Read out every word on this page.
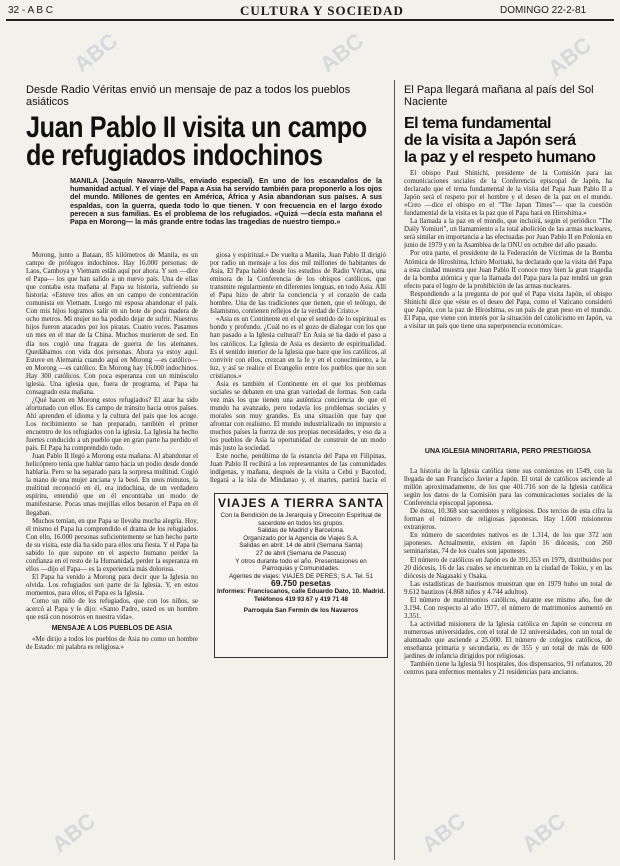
32 - A B C	CULTURA Y SOCIEDAD	DOMINGO 22-2-81
Desde Radio Véritas envió un mensaje de paz a todos los pueblos asiáticos
Juan Pablo II visita un campo
de refugiados indochinos
MANILA (Joaquín Navarro-Valls, enviado especial). En uno de los escandalos de la humanidad actual. Y el viaje del Papa a Asia ha servido también para proponerlo a los ojos del mundo. Millones de gentes en América, África y Asia abandonan sus países. A sus espaldas, con la guerra, queda todo lo que tienen. Y con frecuencia en el largo éxodo perecen a sus familias. Es el problema de los refugiados. «Quizá —decía esta mañana el Papa en Morong— la más grande entre todas las tragedias de nuestro tiempo.»

Morong, junto a Bataan, 85 kilómetros de Manila, es un campo de prófugos indochinos. Hay 16.000 personas: de Laos, Camboya y Vietnam están aquí por ahora. Y son —dice el Papa— los que han salido a un nuevo país. Una de ellas que contaba esta mañana al Papa su historia, sufriendo su historia: «Estuve tres años en un campo de concentración comunista en Vietnam. Luego mi esposa abandonar el país. Con mis hijos logramos salir en un bote de poca madera de ocho metros. Mi mujer no ha podido dejar de sufrir. Nuestros hijos fueron atacados por los piratas. Cuatro veces. Pasamos un mes en el mar de la China. Muchos murieron de sed. En día nos cogió una fragata de guerra de los alemanes. Quedábamos con vida dos personas. Ahora ya estoy aquí. Estuve en Alemania cuando aquí en Morong —es católico— en Morong —es católico. En Morong hay 16.000 indochinos. Hay 300 católicos. Con poca esperanza con un minúsculo iglesia. Una iglesia que, fuera de programa, el Papa ha consagrado esta mañana.

¿Qué hacen en Morong estos refugiados? El azar ha sido afortunado con ellos. Es campo de tránsito hacia otros países. Ahí aprenden el idioma y la cultura del país que los acoge. Los recibimiento se han preparado, también el primer encuentro de los refugiados con la iglesia. La Iglesia ha hecho fuertes conducido a un pueblo que en gran parte ha perdido el país. El Papa ha comprendido todo.

Juan Pablo II llegó a Morong esta mañana. Al abandonar el helicóptero tenía que hablar tanto hacia un podio desde donde hablaría. Pero se ha separado para la sorpresa multitud. Cogió la mano de una mujer anciana y la besó. En unos minutos, la multitud reconoció en él, era indochina, de un verdadero espíritu, entendió que en él encontraba un modo de manifestarse. Pocas unas mejillas ellos besaron el Papa en él llegaban.

Muchos temían, en que Papa se llevaba mucha alegría. Hoy, él mismo el Papa ha comprendido el drama de los refugiados. Con ello, 16.000 personas suficientemente se han hecho parte de su visita, este día ha sido para ellos una fiesta. Y el Papa ha sabido lo que supone en el aspecto humano perder la confianza en el resto de la Humanidad, perder la esperanza en ellos —dijo el Papa— es la experiencia más dolorosa.

El Papa ha venido a Morong para decir que la Iglesia no olvida. Los refugiados son parte de la Iglesia. Y, en estos momentos, para ellos, el Papa es la Iglesia.

Como un niño de los refugiados, que con los niños, se acercó al Papa y le dijo: «Santo Padre, usted es un hombre que está con nosotros en nuestra vida».

MENSAJE A LOS PUEBLOS DE ASIA

«Me dirijo a todos los pueblos de Asia no como un hombre de Estado: mi palabra es religiosa.»

giosa y espiritual.» De vuelta a Manila, Juan Pablo II dirigió por radio un mensaje a los dos mil millones de habitantes de Asia. El Papa habló desde los estudios de Radio Véritas, una emisora de la Conferencia de los obispos católicos, que transmite regularmente en diferentes lenguas, en todo Asia. Allí el Papa hizo de abrir la conciencia y el corazón de cada hombre. Una de las tradiciones que tienen, que el teólogo, de Islamismo, contienen reflejos de la verdad de Cristo.»

«Asia es un Continente en el que el sentido de lo espiritual es hondo y profundo. ¿Cuál no es el gozo de dialogar con los que han pasado a la Iglesia cultural? En Asia se ha dado el paso a los católicos. La Iglesia de Asia es desierto de espiritualidad. Es el sentido interior de la Iglesia que hace que los católicos, al convivir con ellos, crezcan en la fe y en el conocimiento, a la luz, y así se realice el Evangelio entre los pueblos que no son cristianos.»

Asia es también el Continente en el que los problemas sociales se debaten en una gran variedad de formas. Son cada vez más los que tienen una auténtica conciencia de que el mundo ha avanzado, pero todavía los problemas sociales y morales son muy grandes. Es una situación que hay que afrontar con realismo. El mundo industrializado no impuesto a muchos países la fuerza de sus propias necesidades, y eso da a los pueblos de Asia la oportunidad de construir de un modo más justo la sociedad.

Este noche, penúltima de la estancia del Papa en Filipinas, Juan Pablo II recibirá a los representantes de las comunidades indígenas, y mañana, después de la visita a Cebú y Bacolod, llegará a la isla de Mindanao y, el martes, partirá hacia el

VIAJES A TIERRA SANTA
Con la Bendición de la Jerarquía y Dirección Espiritual de
sacerdote en todos los grupos.
Salidas de Madrid y Barcelona.
Organizado por la Agencia de Viajes S.A.
Salidas en abril: 14 de abril (Semana Santa)
27 de abril (Semana de Pascua)
Y otros durante todo el año. Presentaciones en
Parroquias y Comunidades.
Agentes de viajes: VIAJES DE PERES, S.A. Tel. 51
69.750 pesetas
Informes: Franciscanos, calle Eduardo Dato, 10. Madrid. Teléfonos 419 93 67 y 419 71 48
Parroquia San Fermín de los Navarros
El Papa llegará mañana al país del Sol Naciente
El tema fundamental
de la visita a Japón será
la paz y el respeto humano

El obispo Paul Shinichi, presidente de la Comisión para las comunicaciones sociales de la Conferencia episcopal de Japón, ha declarado que el tema fundamental de la visita del Papa Juan Pablo II a Japón será el respeto por el hombre y el deseo de la paz en el mundo. «Creo —dice el obispo en el "The Japan Times"— que la cuestión fundamental de la visita es la paz que el Papa hará en Hiroshima.»

La llamada a la paz en el mundo, que incluirá, según el periódico "The Daily Yomiuri", un llamamiento a la total abolición de las armas nucleares, será similar en importancia a las efectuadas por Juan Pablo II en Polonia en junio de 1979 y en la Asamblea de la ONU en octubre del año pasado.

Por otra parte, el presidente de la Federación de Víctimas de la Bomba Atómica de Hiroshima, Ichiro Moritaki, ha declarado que la visita del Papa a esta ciudad muestra que Juan Pablo II conoce muy bien la gran tragedia de la bomba atómica y que la llamada del Papa para la paz tendrá un gran efecto para el logro de la prohibición de las armas nucleares.

Respondiendo a la pregunta de por qué el Papa visita Japón, el obispo Shinichi dice que «éste es el deseo del Papa, como el Vaticano consideró que Japón, con la paz de Hiroshima, es un país de gran peso en el mundo. El Papa, que viene con interés por la situación del catolicismo en Japón, va a visitar un país que tiene una superpotencia económica».

UNA IGLESIA MINORITARIA, PERO PRESTIGIOSA

La historia de la Iglesia católica tiene sus comienzos en 1549, con la llegada de san Francisco Javier a Japón. El total de católicos asciende al millón aproximadamente, de los que 401.716 son de la Iglesia católica según los datos de la Comisión para las comunicaciones sociales de la Conferencia episcopal japonesa.

De éstos, 10.368 son sacerdotes y religiosos. Dos tercios de esta cifra la forman el número de religiosas japonesas. Hay 1.600 misioneros extranjeros.

En número de sacerdotes nativos es de 1.314, de los que 372 son japoneses. Actualmente, existen en Japón 16 diócesis, con 260 seminaristas, 74 de los cuales son japoneses.

El número de católicos en Japón es de 391.353 en 1979, distribuidos por 20 diócesis, 16 de las cuales se encuentran en la ciudad de Tokio, y en las diócesis de Nagasaki y Osaka.

Las estadísticas de bautismos muestran que en 1979 hubo un total de 9.612 bautizos (4.868 niños y 4.744 adultos).

El número de matrimonios católicos, durante ese mismo año, fue de 3.194. Con respecto al año 1977, el número de matrimonios aumentó en 3.351.

La actividad misionera de la Iglesia católica en Japón se concreta en numerosas universidades, con el total de 12 universidades, con un total de alumnado que asciende a 25.000. El número de colegios católicos, de enseñanza primaria y secundaria, es de 355 y un total de más de 600 jardines de infancia dirigidos por religiosas.

También tiene la Iglesia 91 hospitales, dos dispensarios, 91 orfanatos, 20 centros para enfermos mentales y 21 residencias para ancianos.

ABC	ABC	ABC
ABC	ABC ABC
